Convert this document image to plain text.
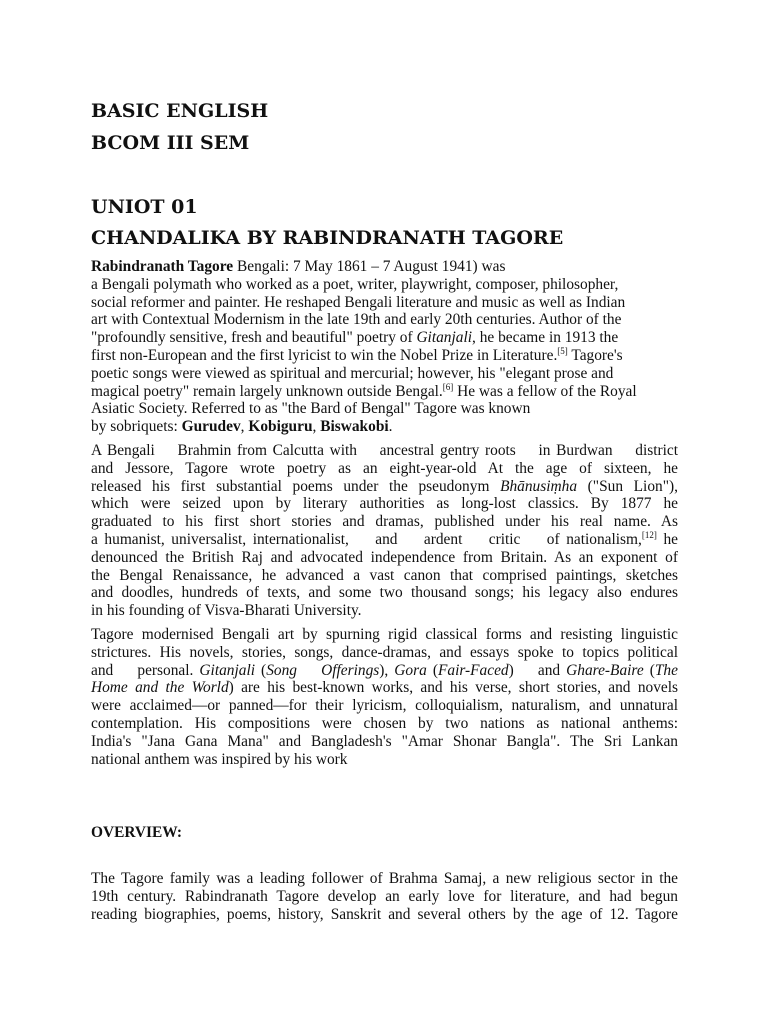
BASIC ENGLISH
BCOM III SEM
UNIOT 01
CHANDALIKA BY RABINDRANATH TAGORE
Rabindranath Tagore Bengali: 7 May 1861 – 7 August 1941) was
a Bengali polymath who worked as a poet, writer, playwright, composer, philosopher,
social reformer and painter. He reshaped Bengali literature and music as well as Indian
art with Contextual Modernism in the late 19th and early 20th centuries. Author of the
"profoundly sensitive, fresh and beautiful" poetry of Gitanjali, he became in 1913 the
first non-European and the first lyricist to win the Nobel Prize in Literature.[5] Tagore's
poetic songs were viewed as spiritual and mercurial; however, his "elegant prose and
magical poetry" remain largely unknown outside Bengal.[6] He was a fellow of the Royal
Asiatic Society. Referred to as "the Bard of Bengal" Tagore was known
by sobriquets: Gurudev, Kobiguru, Biswakobi.
A Bengali    Brahmin from Calcutta with    ancestral gentry roots    in Burdwan    district
and Jessore, Tagore wrote poetry as an eight-year-old At the age of sixteen, he
released his first substantial poems under the pseudonym Bhānusiṃha ("Sun Lion"),
which were seized upon by literary authorities as long-lost classics. By 1877 he
graduated to his first short stories and dramas, published under his real name. As
a humanist, universalist, internationalist,    and    ardent    critic    of nationalism,[12] he
denounced the British Raj and advocated independence from Britain. As an exponent of
the Bengal Renaissance, he advanced a vast canon that comprised paintings, sketches
and doodles, hundreds of texts, and some two thousand songs; his legacy also endures
in his founding of Visva-Bharati University.
Tagore modernised Bengali art by spurning rigid classical forms and resisting linguistic
strictures. His novels, stories, songs, dance-dramas, and essays spoke to topics political
and    personal. Gitanjali (Song    Offerings), Gora (Fair-Faced)    and Ghare-Baire (The
Home and the World) are his best-known works, and his verse, short stories, and novels
were acclaimed—or panned—for their lyricism, colloquialism, naturalism, and unnatural
contemplation. His compositions were chosen by two nations as national anthems:
India's "Jana Gana Mana" and Bangladesh's "Amar Shonar Bangla". The Sri Lankan
national anthem was inspired by his work
OVERVIEW:
The Tagore family was a leading follower of Brahma Samaj, a new religious sector in the
19th century. Rabindranath Tagore develop an early love for literature, and had begun
reading biographies, poems, history, Sanskrit and several others by the age of 12. Tagore
